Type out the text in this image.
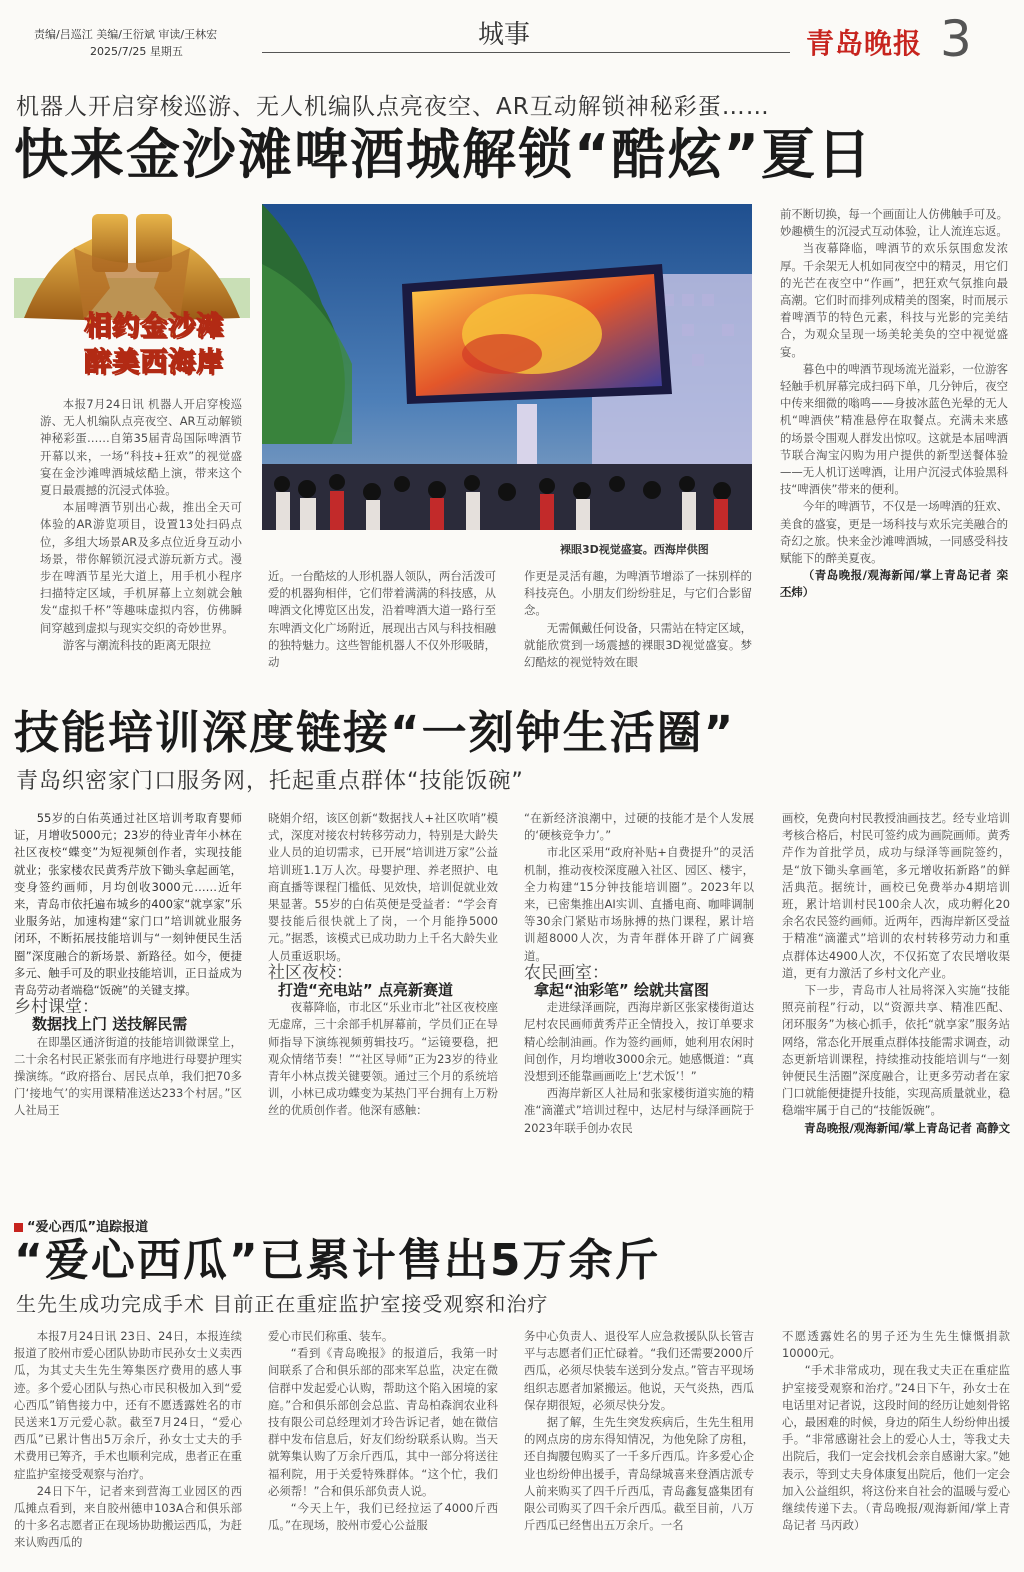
责编/吕巡江 美编/王衍斌 审读/王林宏
2025/7/25 星期五
城事	青岛晚报 3
机器人开启穿梭巡游、无人机编队点亮夜空、AR互动解锁神秘彩蛋……
快来金沙滩啤酒城解锁“酷炫”夏日
相约金沙滩
醉美西海岸
裸眼3D视觉盛宴。西海岸供图

本报7月24日讯 机器人开启穿梭巡游、无人机编队点亮夜空、AR互动解锁神秘彩蛋……自第35届青岛国际啤酒节开幕以来，一场“科技+狂欢”的视觉盛宴在金沙滩啤酒城炫酷上演，带来这个夏日最震撼的沉浸式体验。

本届啤酒节别出心裁，推出全天可体验的AR游览项目，设置13处扫码点位，多组大场景AR及多点位近身互动小场景，带你解锁沉浸式游玩新方式。漫步在啤酒节星光大道上，用手机小程序扫描特定区域，手机屏幕上立刻就会触发“虚拟千杯”等趣味虚拟内容，仿佛瞬间穿越到虚拟与现实交织的奇妙世界。

游客与潮流科技的距离无限拉

近。一台酷炫的人形机器人领队，两台活泼可爱的机器狗相伴，它们带着满满的科技感，从啤酒文化博览区出发，沿着啤酒大道一路行至东啤酒文化广场附近，展现出古风与科技相融的独特魅力。这些智能机器人不仅外形吸睛，动

作更是灵活有趣，为啤酒节增添了一抹别样的科技亮色。小朋友们纷纷驻足，与它们合影留念。

无需佩戴任何设备，只需站在特定区域，就能欣赏到一场震撼的裸眼3D视觉盛宴。梦幻酷炫的视觉特效在眼

前不断切换，每一个画面让人仿佛触手可及。妙趣横生的沉浸式互动体验，让人流连忘返。

当夜幕降临，啤酒节的欢乐氛围愈发浓厚。千余架无人机如同夜空中的精灵，用它们的光芒在夜空中“作画”，把狂欢气氛推向最高潮。它们时而排列成精美的图案，时而展示着啤酒节的特色元素，科技与光影的完美结合，为观众呈现一场美轮美奂的空中视觉盛宴。

暮色中的啤酒节现场流光溢彩，一位游客轻触手机屏幕完成扫码下单，几分钟后，夜空中传来细微的嗡鸣——身披冰蓝色光晕的无人机“啤酒侠”精准悬停在取餐点。充满未来感的场景令围观人群发出惊叹。这就是本届啤酒节联合淘宝闪购为用户提供的新型送餐体验——无人机订送啤酒，让用户沉浸式体验黑科技“啤酒侠”带来的便利。

今年的啤酒节，不仅是一场啤酒的狂欢、美食的盛宴，更是一场科技与欢乐完美融合的奇幻之旅。快来金沙滩啤酒城，一同感受科技赋能下的醉美夏夜。

（青岛晚报/观海新闻/掌上青岛记者 栾丕炜）

技能培训深度链接“一刻钟生活圈”
青岛织密家门口服务网，托起重点群体“技能饭碗”

55岁的白佑英通过社区培训考取育婴师证，月增收5000元；23岁的待业青年小林在社区夜校“蝶变”为短视频创作者，实现技能就业；张家楼农民黄秀芹放下锄头拿起画笔，变身签约画师，月均创收3000元……近年来，青岛市依托遍布城乡的400家“就享家”乐业服务站，加速构建“家门口”培训就业服务闭环，不断拓展技能培训与“一刻钟便民生活圈”深度融合的新场景、新路径。如今，便捷多元、触手可及的职业技能培训，正日益成为青岛劳动者端稳“饭碗”的关键支撑。

乡村课堂：

数据找上门 送技解民需

在即墨区通济街道的技能培训微课堂上，二十余名村民正紧张而有序地进行母婴护理实操演练。“政府搭台、居民点单，我们把70多门‘接地气’的实用课精准送达233个村居。”区人社局王

晓娟介绍，该区创新“数据找人+社区吹哨”模式，深度对接农村转移劳动力，特别是大龄失业人员的迫切需求，已开展“培训进万家”公益培训班1.1万人次。母婴护理、养老照护、电商直播等课程门槛低、见效快，培训促就业效果显著。55岁的白佑英便是受益者：“学会育婴技能后很快就上了岗，一个月能挣5000元。”据悉，该模式已成功助力上千名大龄失业人员重返职场。

社区夜校：

打造“充电站” 点亮新赛道

夜幕降临，市北区“乐业市北”社区夜校座无虚席，三十余部手机屏幕前，学员们正在导师指导下演练视频剪辑技巧。“运镜要稳，把观众情绪节奏！”“社区导师”正为23岁的待业青年小林点拨关键要领。通过三个月的系统培训，小林已成功蝶变为某热门平台拥有上万粉丝的优质创作者。他深有感触：

“在新经济浪潮中，过硬的技能才是个人发展的‘硬核竞争力’。”

市北区采用“政府补贴+自费提升”的灵活机制，推动夜校深度融入社区、园区、楼宇，全力构建“15分钟技能培训圈”。2023年以来，已密集推出AI实训、直播电商、咖啡调制等30余门紧贴市场脉搏的热门课程，累计培训超8000人次，为青年群体开辟了广阔赛道。

农民画室：

拿起“油彩笔” 绘就共富图

走进绿泽画院，西海岸新区张家楼街道达尼村农民画师黄秀芹正全情投入，按订单要求精心绘制油画。作为签约画师，她利用农闲时间创作，月均增收3000余元。她感慨道：“真没想到还能靠画画吃上‘艺术饭’！”

西海岸新区人社局和张家楼街道实施的精准“滴灌式”培训过程中，达尼村与绿泽画院于2023年联手创办农民

画校，免费向村民教授油画技艺。经专业培训考核合格后，村民可签约成为画院画师。黄秀芹作为首批学员，成功与绿泽等画院签约，是“放下锄头拿画笔，多元增收拓新路”的鲜活典范。据统计，画校已免费举办4期培训班，累计培训村民100余人次，成功孵化20余名农民签约画师。近两年，西海岸新区受益于精准“滴灌式”培训的农村转移劳动力和重点群体达4900人次，不仅拓宽了农民增收渠道，更有力激活了乡村文化产业。

下一步，青岛市人社局将深入实施“技能照亮前程”行动，以“资源共享、精准匹配、闭环服务”为核心抓手，依托“就享家”服务站网络，常态化开展重点群体技能需求调查，动态更新培训课程，持续推动技能培训与“一刻钟便民生活圈”深度融合，让更多劳动者在家门口就能便捷提升技能，实现高质量就业，稳稳端牢属于自己的“技能饭碗”。

青岛晚报/观海新闻/掌上青岛记者 高静文

“爱心西瓜”追踪报道
“爱心西瓜”已累计售出5万余斤
生先生成功完成手术 目前正在重症监护室接受观察和治疗

本报7月24日讯 23日、24日，本报连续报道了胶州市爱心团队协助市民孙女士义卖西瓜，为其丈夫生先生筹集医疗费用的感人事迹。多个爱心团队与热心市民积极加入到“爱心西瓜”销售接力中，还有不愿透露姓名的市民送来1万元爱心款。截至7月24日，“爱心西瓜”已累计售出5万余斤，孙女士丈夫的手术费用已筹齐，手术也顺利完成，患者正在重症监护室接受观察与治疗。

24日下午，记者来到营海工业园区的西瓜摊点看到，来自胶州德申103A合和俱乐部的十多名志愿者正在现场协助搬运西瓜，为赶来认购西瓜的

爱心市民们称重、装车。

“看到《青岛晚报》的报道后，我第一时间联系了合和俱乐部的邵来军总监，决定在微信群中发起爱心认购，帮助这个陷入困境的家庭。”合和俱乐部创会总监、青岛柏森润农业科技有限公司总经理刘才玲告诉记者，她在微信群中发布信息后，好友们纷纷联系认购。当天就筹集认购了万余斤西瓜，其中一部分将送往福利院，用于关爱特殊群体。“这个忙，我们必须帮！”合和俱乐部负责人说。

“今天上午，我们已经拉运了4000斤西瓜。”在现场，胶州市爱心公益服

务中心负责人、退役军人应急救援队队长管吉平与志愿者们正忙碌着。“我们还需要2000斤西瓜，必须尽快装车送到分发点。”管吉平现场组织志愿者加紧搬运。他说，天气炎热，西瓜保存期很短，必须尽快分发。

据了解，生先生突发疾病后，生先生租用的网点房的房东得知情况，为他免除了房租，还自掏腰包购买了一千多斤西瓜。许多爱心企业也纷纷伸出援手，青岛绿城喜来登酒店派专人前来购买了四千斤西瓜，青岛鑫复盛集团有限公司购买了四千余斤西瓜。截至目前，八万斤西瓜已经售出五万余斤。一名

不愿透露姓名的男子还为生先生慷慨捐款10000元。

“手术非常成功，现在我丈夫正在重症监护室接受观察和治疗。”24日下午，孙女士在电话里对记者说，这段时间的经历让她刻骨铭心，最困难的时候，身边的陌生人纷纷伸出援手。“非常感谢社会上的爱心人士，等我丈夫出院后，我们一定会找机会亲自感谢大家。”她表示，等到丈夫身体康复出院后，他们一定会加入公益组织，将这份来自社会的温暖与爱心继续传递下去。（青岛晚报/观海新闻/掌上青岛记者 马丙政）
